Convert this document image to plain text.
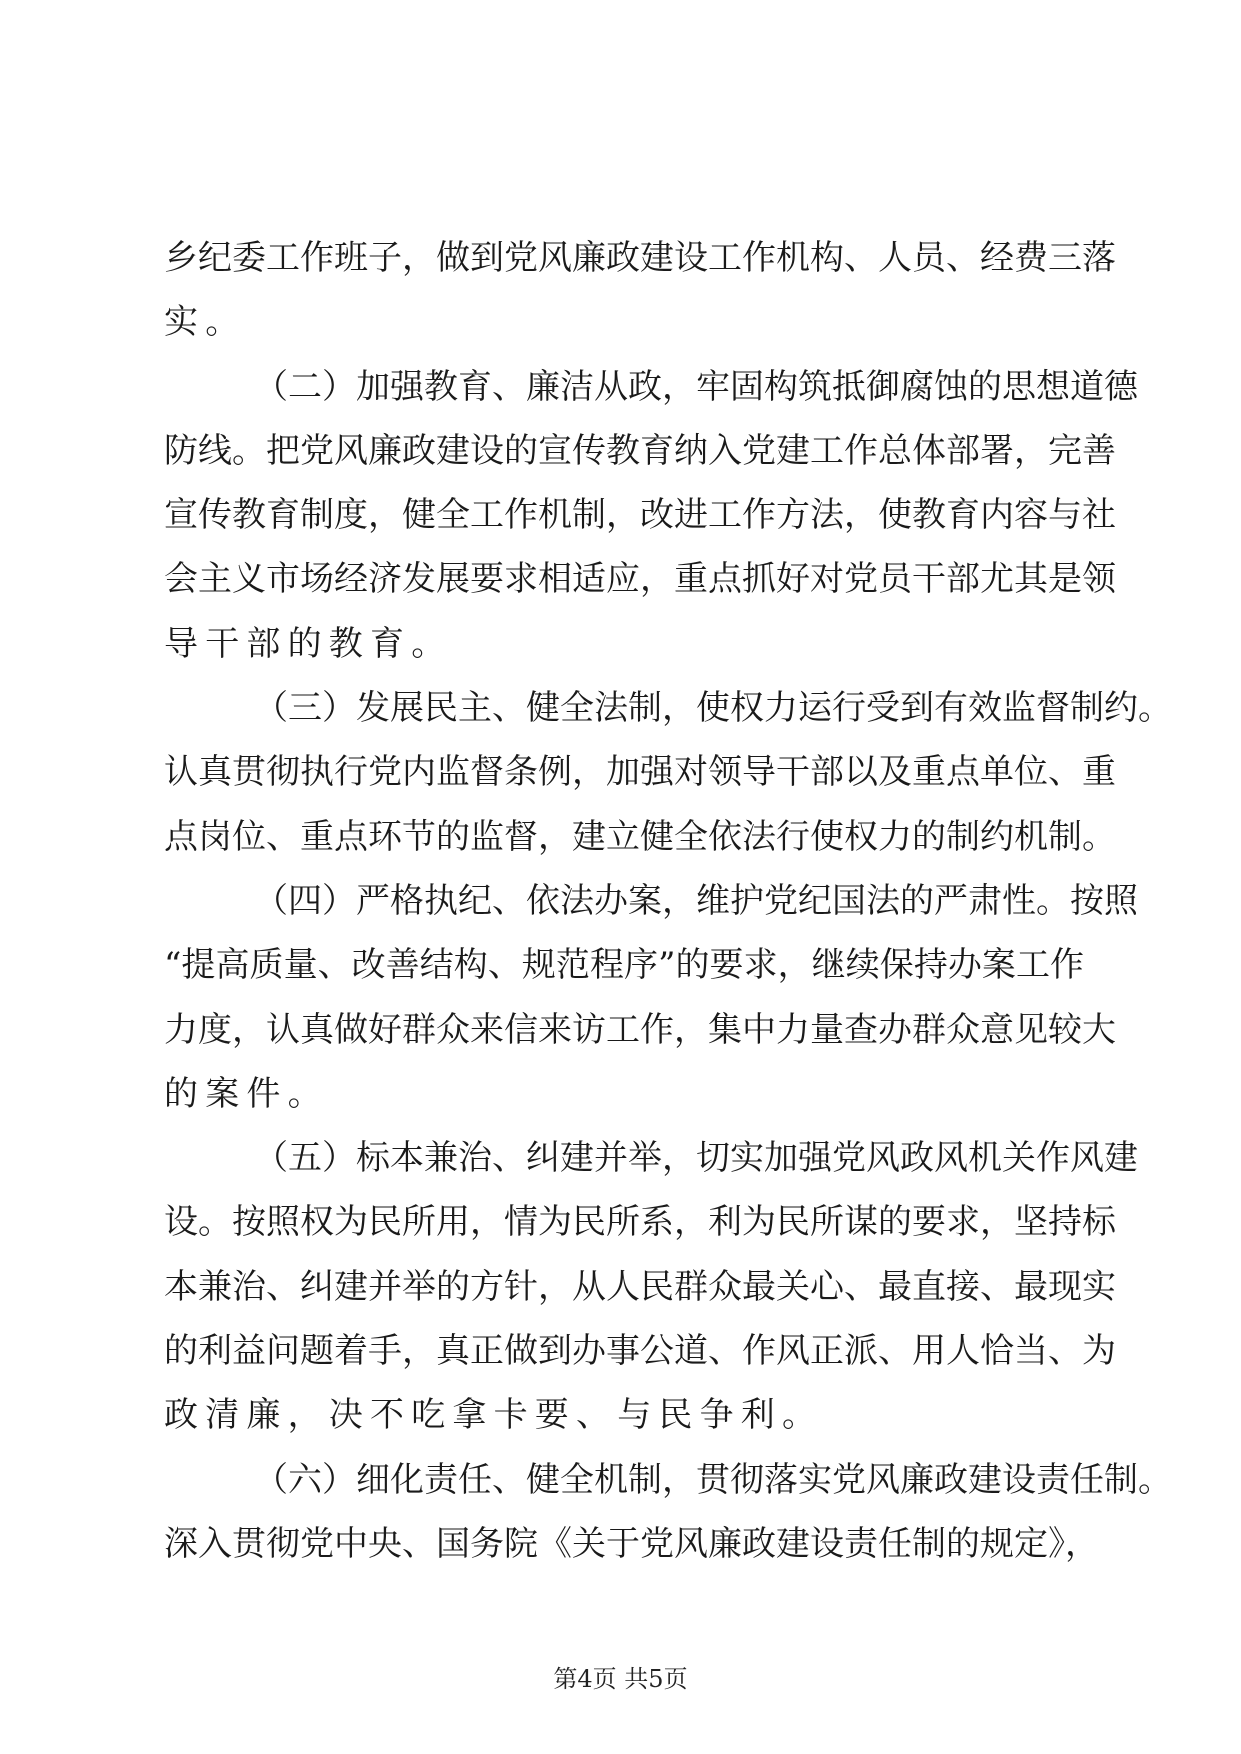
乡纪委工作班子，做到党风廉政建设工作机构、人员、经费三落
实。
（二）加强教育、廉洁从政，牢固构筑抵御腐蚀的思想道德
防线。把党风廉政建设的宣传教育纳入党建工作总体部署，完善
宣传教育制度，健全工作机制，改进工作方法，使教育内容与社
会主义市场经济发展要求相适应，重点抓好对党员干部尤其是领
导干部的教育。
（三）发展民主、健全法制，使权力运行受到有效监督制约。
认真贯彻执行党内监督条例，加强对领导干部以及重点单位、重
点岗位、重点环节的监督，建立健全依法行使权力的制约机制。
（四）严格执纪、依法办案，维护党纪国法的严肃性。按照
“提高质量、改善结构、规范程序”的要求，继续保持办案工作
力度，认真做好群众来信来访工作，集中力量查办群众意见较大
的案件。
（五）标本兼治、纠建并举，切实加强党风政风机关作风建
设。按照权为民所用，情为民所系，利为民所谋的要求，坚持标
本兼治、纠建并举的方针，从人民群众最关心、最直接、最现实
的利益问题着手，真正做到办事公道、作风正派、用人恰当、为
政清廉，决不吃拿卡要、与民争利。
（六）细化责任、健全机制，贯彻落实党风廉政建设责任制。
深入贯彻党中央、国务院《关于党风廉政建设责任制的规定》，
第4页 共5页
